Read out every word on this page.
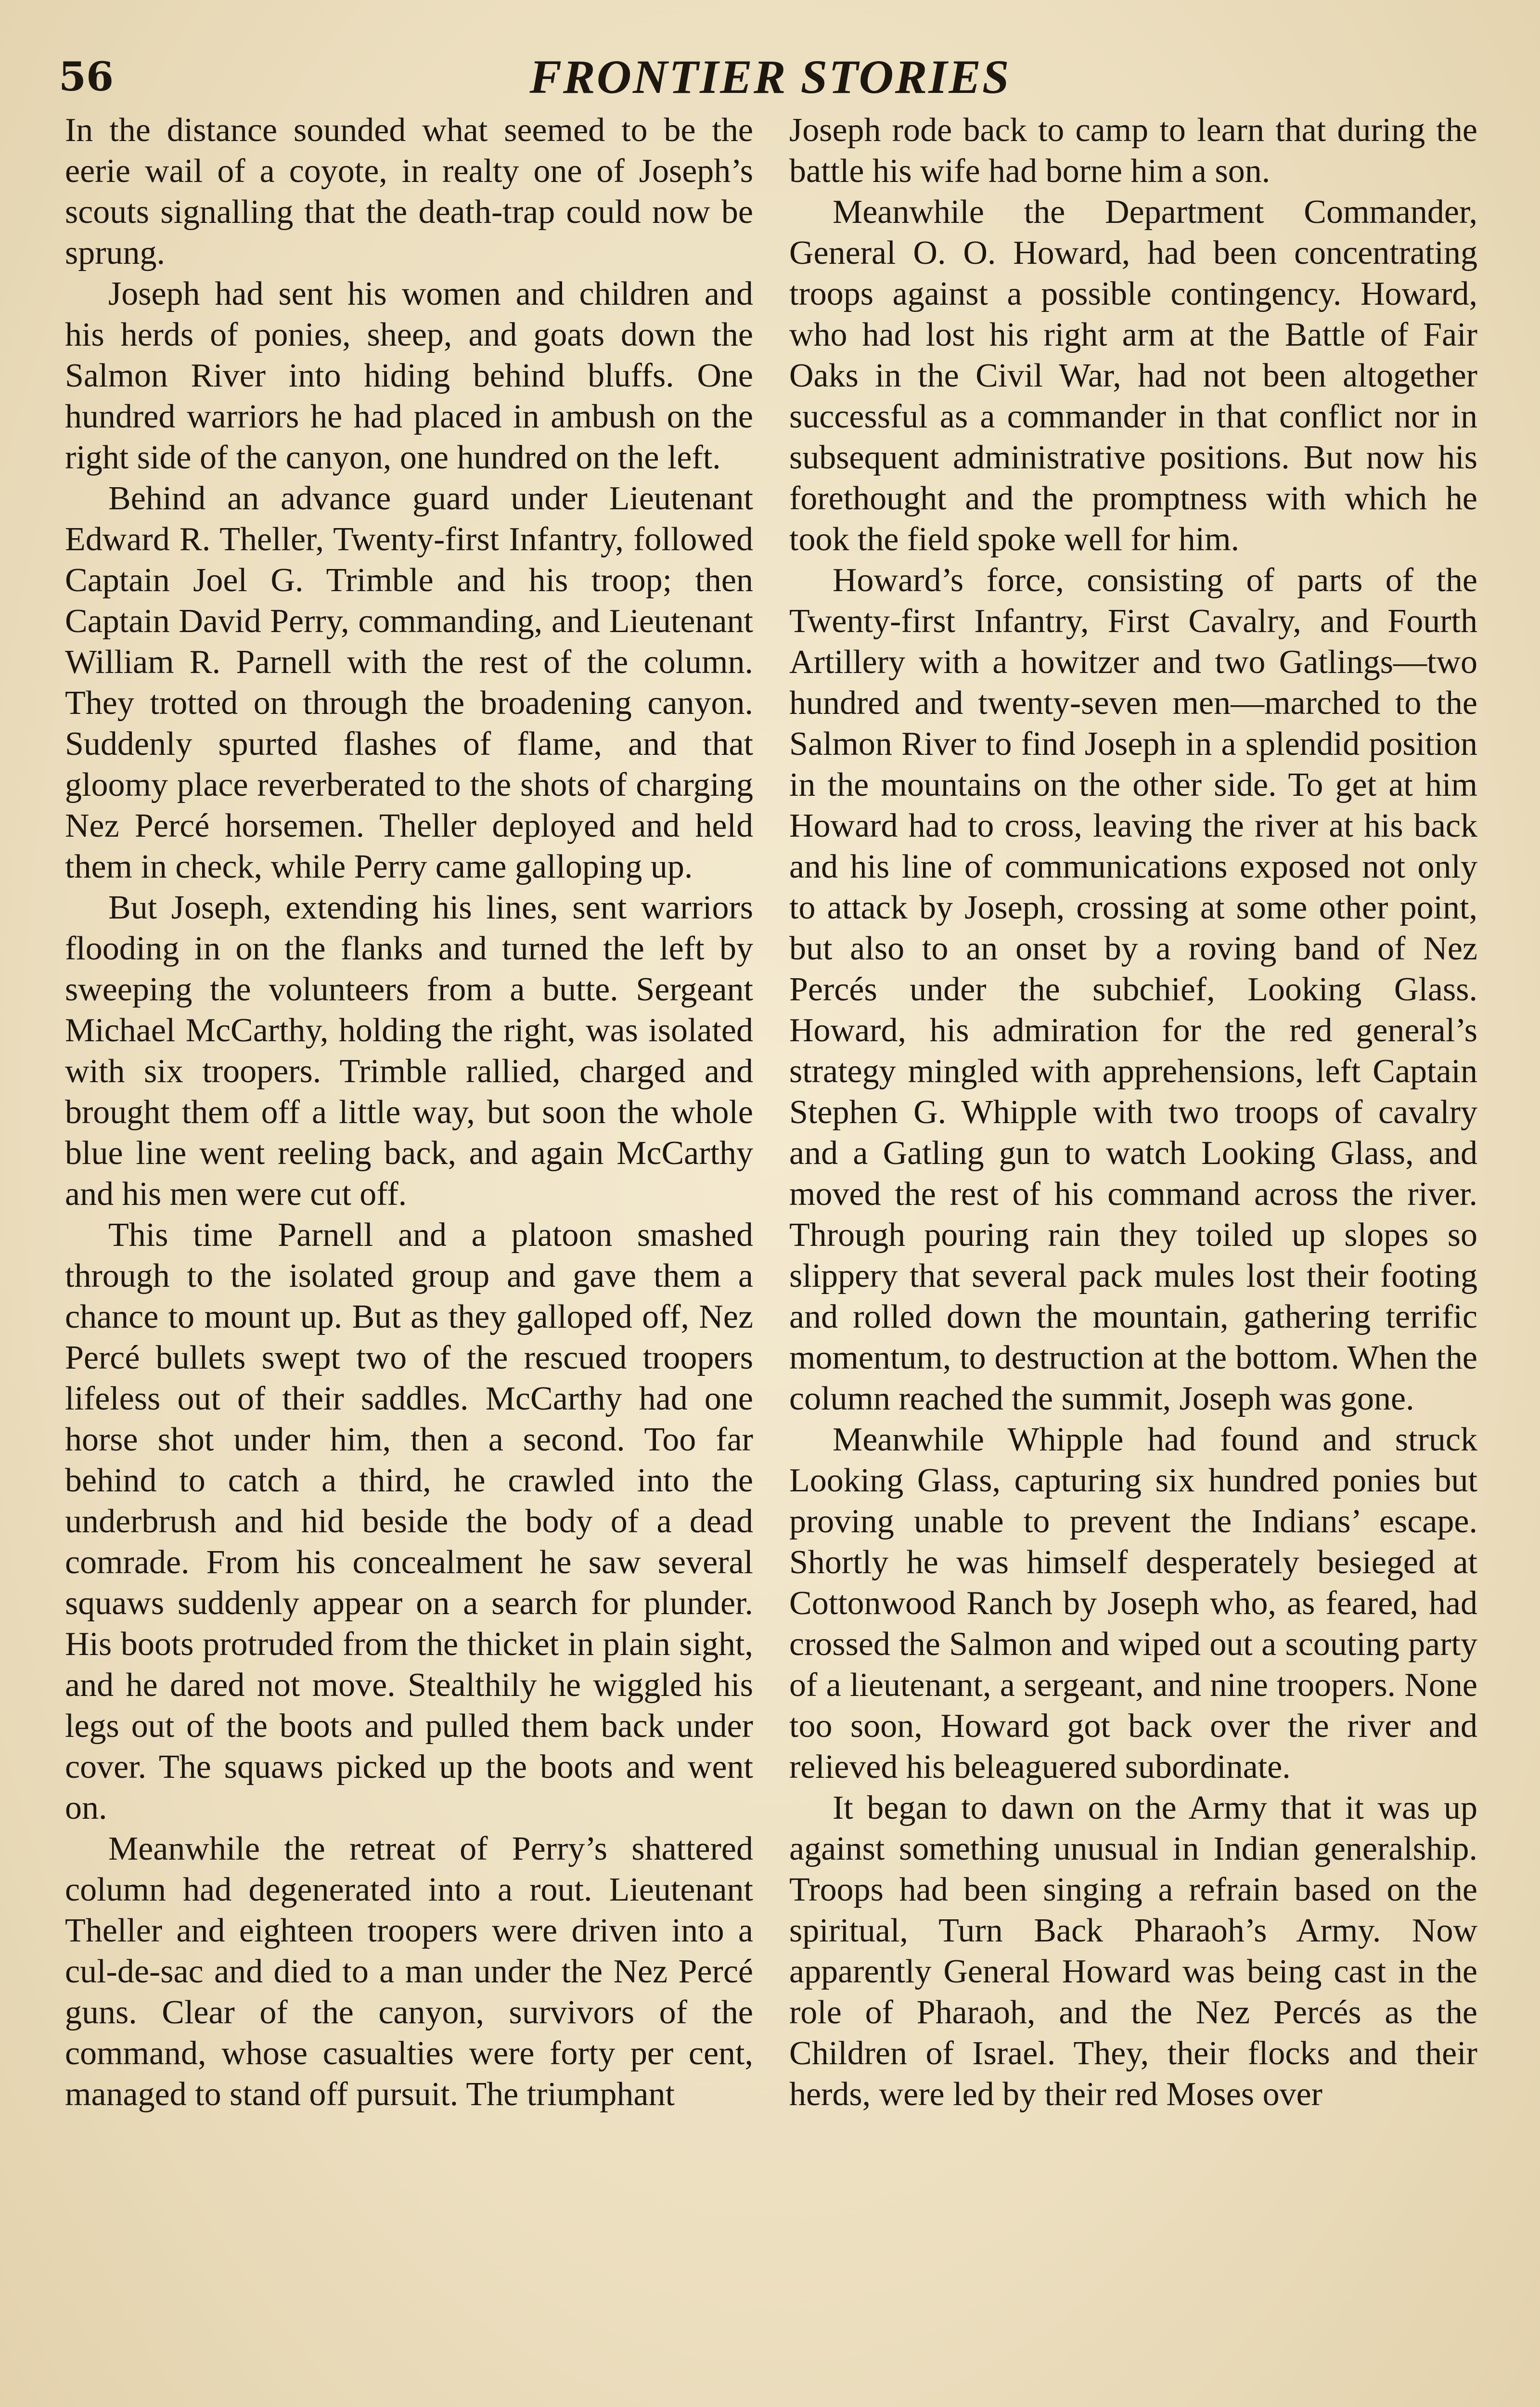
56	FRONTIER STORIES

In the distance sounded what seemed to be the eerie wail of a coyote, in realty one of Joseph’s scouts signalling that the death-trap could now be sprung.

Joseph had sent his women and children and his herds of ponies, sheep, and goats down the Salmon River into hiding behind bluffs. One hundred warriors he had placed in ambush on the right side of the canyon, one hundred on the left.

Behind an advance guard under Lieutenant Edward R. Theller, Twenty-first Infantry, followed Captain Joel G. Trimble and his troop; then Captain David Perry, commanding, and Lieutenant William R. Parnell with the rest of the column. They trotted on through the broadening canyon. Suddenly spurted flashes of flame, and that gloomy place reverberated to the shots of charging Nez Percé horsemen. Theller deployed and held them in check, while Perry came galloping up.

But Joseph, extending his lines, sent warriors flooding in on the flanks and turned the left by sweeping the volunteers from a butte. Sergeant Michael McCarthy, holding the right, was isolated with six troopers. Trimble rallied, charged and brought them off a little way, but soon the whole blue line went reeling back, and again McCarthy and his men were cut off.

This time Parnell and a platoon smashed through to the isolated group and gave them a chance to mount up. But as they galloped off, Nez Percé bullets swept two of the rescued troopers lifeless out of their saddles. McCarthy had one horse shot under him, then a second. Too far behind to catch a third, he crawled into the underbrush and hid beside the body of a dead comrade. From his concealment he saw several squaws suddenly appear on a search for plunder. His boots protruded from the thicket in plain sight, and he dared not move. Stealthily he wiggled his legs out of the boots and pulled them back under cover. The squaws picked up the boots and went on.

Meanwhile the retreat of Perry’s shattered column had degenerated into a rout. Lieutenant Theller and eighteen troopers were driven into a cul-de-sac and died to a man under the Nez Percé guns. Clear of the canyon, survivors of the command, whose casualties were forty per cent, managed to stand off pursuit. The triumphant

Joseph rode back to camp to learn that during the battle his wife had borne him a son.

Meanwhile the Department Commander, General O. O. Howard, had been concentrating troops against a possible contingency. Howard, who had lost his right arm at the Battle of Fair Oaks in the Civil War, had not been altogether successful as a commander in that conflict nor in subsequent administrative positions. But now his forethought and the promptness with which he took the field spoke well for him.

Howard’s force, consisting of parts of the Twenty-first Infantry, First Cavalry, and Fourth Artillery with a howitzer and two Gatlings—two hundred and twenty-seven men—marched to the Salmon River to find Joseph in a splendid position in the mountains on the other side. To get at him Howard had to cross, leaving the river at his back and his line of communications exposed not only to attack by Joseph, crossing at some other point, but also to an onset by a roving band of Nez Percés under the subchief, Looking Glass. Howard, his admiration for the red general’s strategy mingled with apprehensions, left Captain Stephen G. Whipple with two troops of cavalry and a Gatling gun to watch Looking Glass, and moved the rest of his command across the river. Through pouring rain they toiled up slopes so slippery that several pack mules lost their footing and rolled down the mountain, gathering terrific momentum, to destruction at the bottom. When the column reached the summit, Joseph was gone.

Meanwhile Whipple had found and struck Looking Glass, capturing six hundred ponies but proving unable to prevent the Indians’ escape. Shortly he was himself desperately besieged at Cottonwood Ranch by Joseph who, as feared, had crossed the Salmon and wiped out a scouting party of a lieutenant, a sergeant, and nine troopers. None too soon, Howard got back over the river and relieved his beleaguered subordinate.

It began to dawn on the Army that it was up against something unusual in Indian generalship. Troops had been singing a refrain based on the spiritual, Turn Back Pharaoh’s Army. Now apparently General Howard was being cast in the role of Pharaoh, and the Nez Percés as the Children of Israel. They, their flocks and their herds, were led by their red Moses over
